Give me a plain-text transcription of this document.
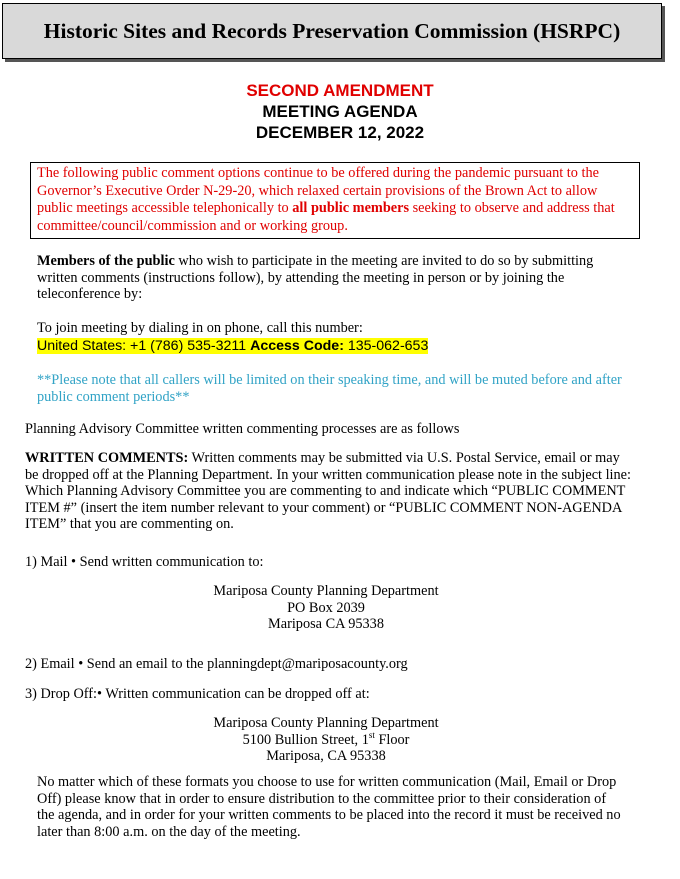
Historic Sites and Records Preservation Commission (HSRPC)
SECOND AMENDMENT
MEETING AGENDA
DECEMBER 12, 2022
The following public comment options continue to be offered during the pandemic pursuant to the Governor’s Executive Order N-29-20, which relaxed certain provisions of the Brown Act to allow public meetings accessible telephonically to all public members seeking to observe and address that committee/council/commission and or working group.
Members of the public who wish to participate in the meeting are invited to do so by submitting written comments (instructions follow), by attending the meeting in person or by joining the teleconference by:
To join meeting by dialing in on phone, call this number:
United States: +1 (786) 535-3211 Access Code: 135-062-653
**Please note that all callers will be limited on their speaking time, and will be muted before and after public comment periods**
Planning Advisory Committee written commenting processes are as follows
WRITTEN COMMENTS: Written comments may be submitted via U.S. Postal Service, email or may be dropped off at the Planning Department. In your written communication please note in the subject line: Which Planning Advisory Committee you are commenting to and indicate which “PUBLIC COMMENT ITEM #” (insert the item number relevant to your comment) or “PUBLIC COMMENT NON-AGENDA ITEM” that you are commenting on.
1) Mail • Send written communication to:
Mariposa County Planning Department
PO Box 2039
Mariposa CA 95338
2) Email • Send an email to the planningdept@mariposacounty.org
3) Drop Off:• Written communication can be dropped off at:
Mariposa County Planning Department
5100 Bullion Street, 1st Floor
Mariposa, CA 95338
No matter which of these formats you choose to use for written communication (Mail, Email or Drop Off) please know that in order to ensure distribution to the committee prior to their consideration of the agenda, and in order for your written comments to be placed into the record it must be received no later than 8:00 a.m. on the day of the meeting.
